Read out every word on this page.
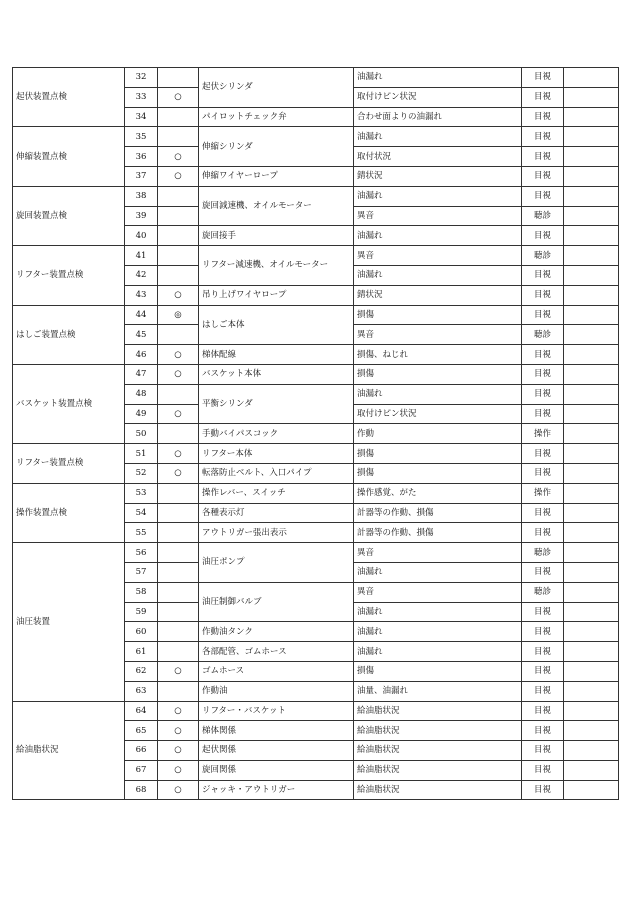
起伏装置点検	32		起伏シリンダ	油漏れ	目視	
	33	○		取付けピン状況	目視	
	34		パイロットチェック弁	合わせ面よりの油漏れ	目視	
伸縮装置点検	35		伸縮シリンダ	油漏れ	目視	
	36	○		取付状況	目視	
	37	○	伸縮ワイヤーロープ	錆状況	目視	
旋回装置点検	38		旋回減速機、オイルモーター	油漏れ	目視	
	39			異音	聴診	
	40		旋回接手	油漏れ	目視	
リフター装置点検	41		リフター減速機、オイルモーター	異音	聴診	
	42			油漏れ	目視	
	43	○	吊り上げワイヤロープ	錆状況	目視	
はしご装置点検	44	◎	はしご本体	損傷	目視	
	45			異音	聴診	
	46	○	梯体配線	損傷、ねじれ	目視	
バスケット装置点検	47	○	バスケット本体	損傷	目視	
	48		平衡シリンダ	油漏れ	目視	
	49	○		取付けピン状況	目視	
	50		手動バイパスコック	作動	操作	
リフター装置点検	51	○	リフター本体	損傷	目視	
	52	○	転落防止ベルト、入口パイプ	損傷	目視	
操作装置点検	53		操作レバー、スイッチ	操作感覚、がた	操作	
	54		各種表示灯	計器等の作動、損傷	目視	
	55		アウトリガー張出表示	計器等の作動、損傷	目視	
油圧装置	56		油圧ポンプ	異音	聴診	
	57			油漏れ	目視	
	58		油圧制御バルブ	異音	聴診	
	59			油漏れ	目視	
	60		作動油タンク	油漏れ	目視	
	61		各部配管、ゴムホース	油漏れ	目視	
	62	○	ゴムホース	損傷	目視	
	63		作動油	油量、油漏れ	目視	
給油脂状況	64	○	リフター・バスケット	給油脂状況	目視	
	65	○	梯体関係	給油脂状況	目視	
	66	○	起伏関係	給油脂状況	目視	
	67	○	旋回関係	給油脂状況	目視	
	68	○	ジャッキ・アウトリガー	給油脂状況	目視	
